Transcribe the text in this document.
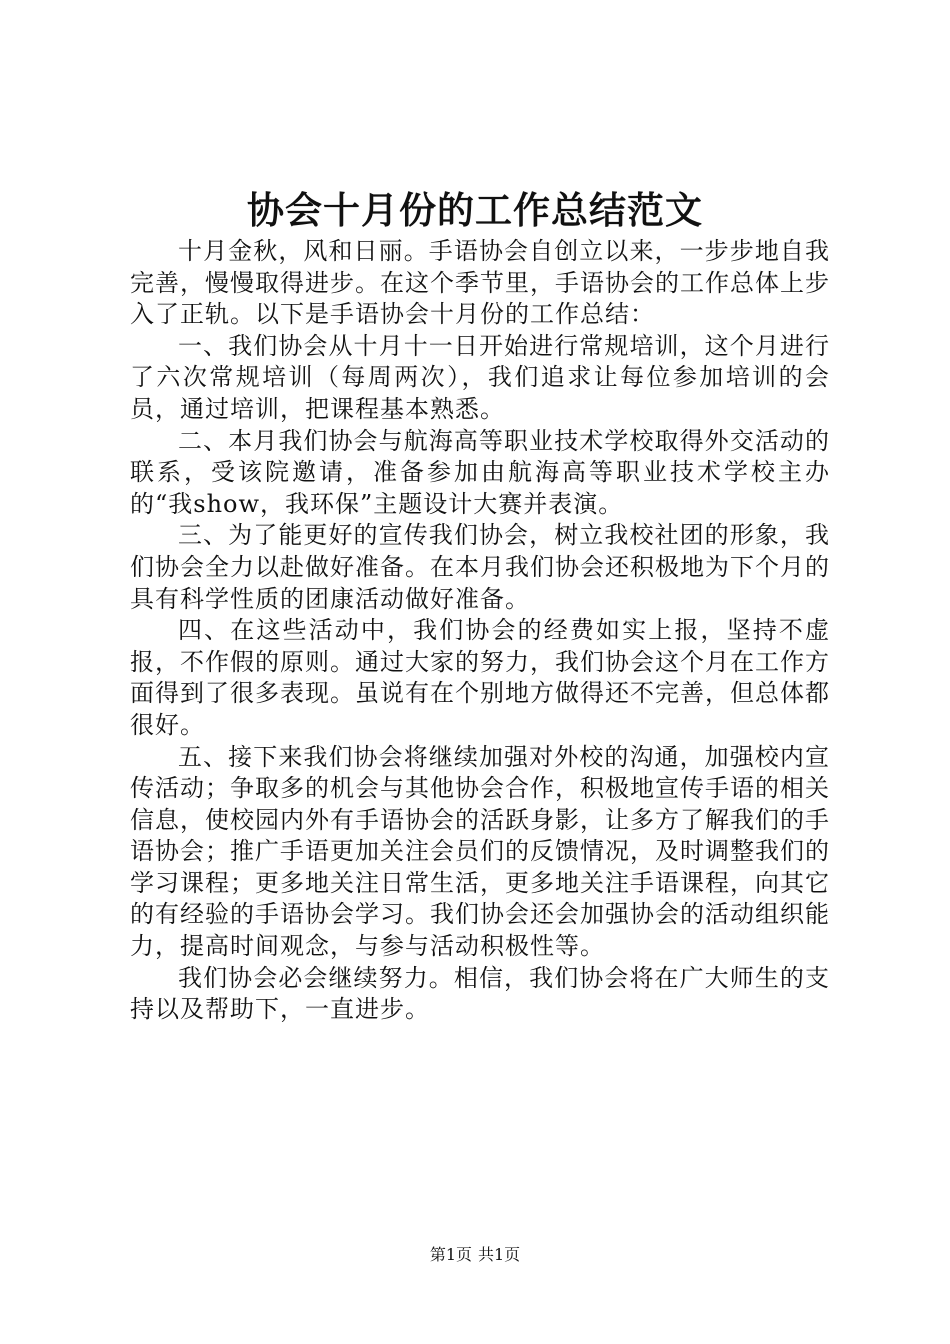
协会十月份的工作总结范文

十月金秋，风和日丽。手语协会自创立以来，一步步地自我完善，慢慢取得进步。在这个季节里，手语协会的工作总体上步入了正轨。以下是手语协会十月份的工作总结：

一、我们协会从十月十一日开始进行常规培训，这个月进行了六次常规培训（每周两次），我们追求让每位参加培训的会员，通过培训，把课程基本熟悉。

二、本月我们协会与航海高等职业技术学校取得外交活动的联系，受该院邀请，准备参加由航海高等职业技术学校主办的“我show，我环保”主题设计大赛并表演。

三、为了能更好的宣传我们协会，树立我校社团的形象，我们协会全力以赴做好准备。在本月我们协会还积极地为下个月的具有科学性质的团康活动做好准备。

四、在这些活动中，我们协会的经费如实上报，坚持不虚报，不作假的原则。通过大家的努力，我们协会这个月在工作方面得到了很多表现。虽说有在个别地方做得还不完善，但总体都很好。

五、接下来我们协会将继续加强对外校的沟通，加强校内宣传活动；争取多的机会与其他协会合作，积极地宣传手语的相关信息，使校园内外有手语协会的活跃身影，让多方了解我们的手语协会；推广手语更加关注会员们的反馈情况，及时调整我们的学习课程；更多地关注日常生活，更多地关注手语课程，向其它的有经验的手语协会学习。我们协会还会加强协会的活动组织能力，提高时间观念，与参与活动积极性等。

我们协会必会继续努力。相信，我们协会将在广大师生的支持以及帮助下，一直进步。

第1页 共1页
